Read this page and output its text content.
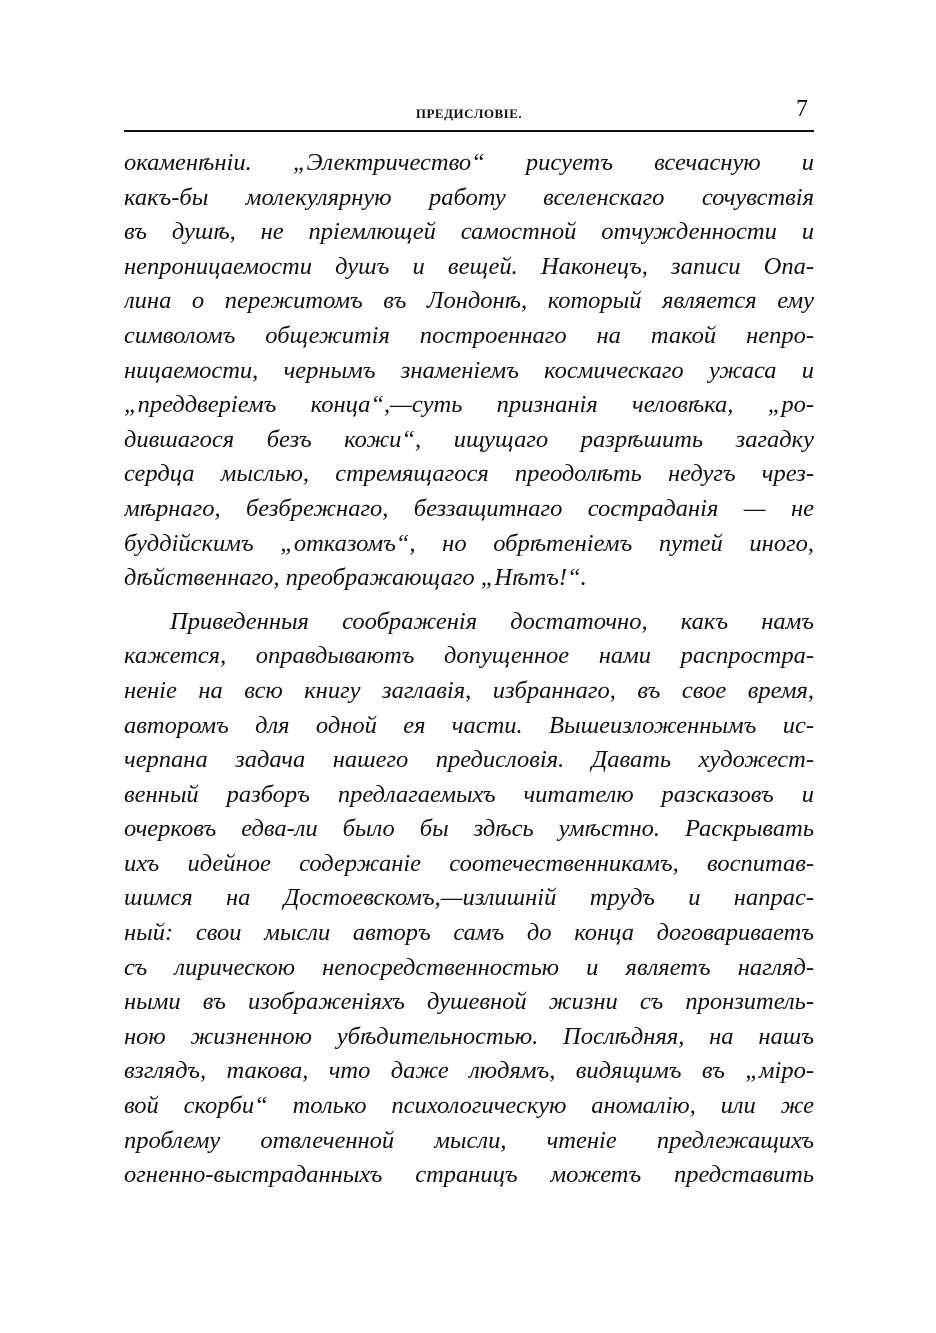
ПРЕДИСЛОВІЕ.	7
окаменѣніи. „Электричество“ рисуетъ всечасную и
какъ-бы молекулярную работу вселенскаго сочувствія
въ душѣ, не пріемлющей самостной отчужденности и
непроницаемости душъ и вещей. Наконецъ, записи Опа-
лина о пережитомъ въ Лондонѣ, который является ему
символомъ общежитія построеннаго на такой непро-
ницаемости, чернымъ знаменіемъ космическаго ужаса и
„преддверіемъ конца“,—суть признанія человѣка, „ро-
дившагося безъ кожи“, ищущаго разрѣшить загадку
сердца мыслью, стремящагося преодолѣть недугъ чрез-
мѣрнаго, безбрежнаго, беззащитнаго состраданія — не
буддійскимъ „отказомъ“, но обрѣтеніемъ путей иного,
дѣйственнаго, преображающаго „Нѣтъ!“.
Приведенныя соображенія достаточно, какъ намъ
кажется, оправдываютъ допущенное нами распростра-
неніе на всю книгу заглавія, избраннаго, въ свое время,
авторомъ для одной ея части. Вышеизложеннымъ ис-
черпана задача нашего предисловія. Давать художест-
венный разборъ предлагаемыхъ читателю разсказовъ и
очерковъ едва-ли было бы здѣсь умѣстно. Раскрывать
ихъ идейное содержаніе соотечественникамъ, воспитав-
шимся на Достоевскомъ,—излишній трудъ и напрас-
ный: свои мысли авторъ самъ до конца договариваетъ
съ лирическою непосредственностью и являетъ нагляд-
ными въ изображеніяхъ душевной жизни съ пронзитель-
ною жизненною убѣдительностью. Послѣдняя, на нашъ
взглядъ, такова, что даже людямъ, видящимъ въ „міро-
вой скорби“ только психологическую аномалію, или же
проблему отвлеченной мысли, чтеніе предлежащихъ
огненно-выстраданныхъ страницъ можетъ представить
